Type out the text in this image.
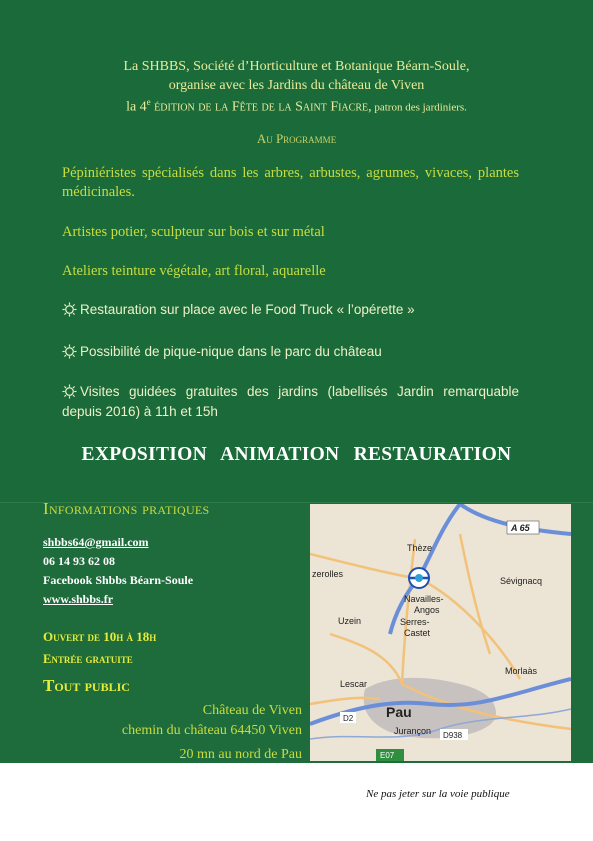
La SHBBS, Société d’Horticulture et Botanique Béarn-Soule,
organise avec les Jardins du château de Viven
la 4e édition de la Fête de la Saint Fiacre, patron des jardiniers.
Au Programme
Pépiniéristes spécialisés dans les arbres, arbustes, agrumes, vivaces, plantes médicinales.
Artistes potier, sculpteur sur bois et sur métal
Ateliers teinture végétale, art floral, aquarelle
Restauration sur place avec le Food Truck « l’opérette »
Possibilité de pique-nique dans le parc du château
Visites guidées gratuites des jardins (labellisés Jardin remarquable depuis 2016) à 11h et 15h
EXPOSITION ANIMATION RESTAURATION
Informations pratiques
shbbs64@gmail.com
06 14 93 62 08
Facebook Shbbs Béarn-Soule
www.shbbs.fr
Ouvert de 10h à 18h
Entrée gratuite
Tout public
Château de Viven
chemin du château 64450 Viven
20 mn au nord de Pau
A 65
Thèze
zerolles
Sévignacq
Navailles-
Angos
Uzein	Serres-
Castet
Morlaàs
Lescar
Pau
D2
Jurançon
E07
D938
Ne pas jeter sur la voie publique
